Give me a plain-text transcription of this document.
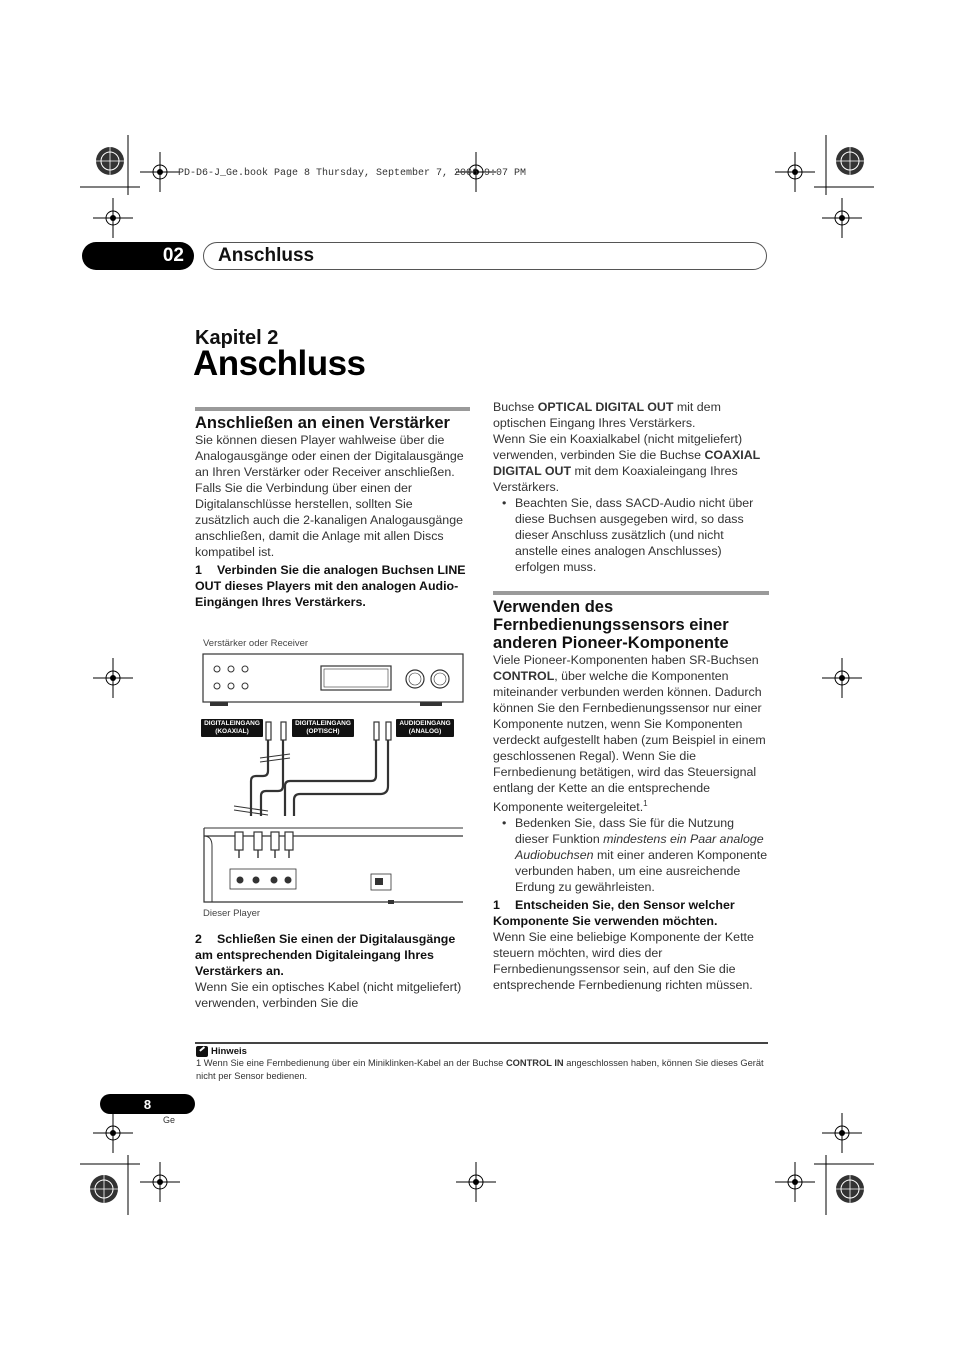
PD-D6-J_Ge.book Page 8 Thursday, September 7, 2006 9:07 PM
02	Anschluss
Kapitel 2
Anschluss
Anschließen an einen Verstärker

Sie können diesen Player wahlweise über die Analogausgänge oder einen der Digitalausgänge an Ihren Verstärker oder Receiver anschließen.

Falls Sie die Verbindung über einen der Digitalanschlüsse herstellen, sollten Sie zusätzlich auch die 2-kanaligen Analogausgänge anschließen, damit die Anlage mit allen Discs kompatibel ist.

1 Verbinden Sie die analogen Buchsen LINE OUT dieses Players mit den analogen Audio-Eingängen Ihres Verstärkers.

Verstärker oder Receiver
DIGITALEINGANG
(KOAXIAL)
DIGITALEINGANG
(OPTISCH)
AUDIOEINGANG
(ANALOG)
Dieser Player

2 Schließen Sie einen der Digitalausgänge am entsprechenden Digitaleingang Ihres Verstärkers an.

Wenn Sie ein optisches Kabel (nicht mitgeliefert) verwenden, verbinden Sie die

Buchse OPTICAL DIGITAL OUT mit dem optischen Eingang Ihres Verstärkers.

Wenn Sie ein Koaxialkabel (nicht mitgeliefert) verwenden, verbinden Sie die Buchse COAXIAL DIGITAL OUT mit dem Koaxialeingang Ihres Verstärkers.

• Beachten Sie, dass SACD-Audio nicht über diese Buchsen ausgegeben wird, so dass dieser Anschluss zusätzlich (und nicht anstelle eines analogen Anschlusses) erfolgen muss.

Verwenden des Fernbedienungssensors einer anderen Pioneer-Komponente

Viele Pioneer-Komponenten haben SR-Buchsen CONTROL, über welche die Komponenten miteinander verbunden werden können. Dadurch können Sie den Fernbedienungssensor nur einer Komponente nutzen, wenn Sie Komponenten verdeckt aufgestellt haben (zum Beispiel in einem geschlossenen Regal). Wenn Sie die Fernbedienung betätigen, wird das Steuersignal entlang der Kette an die entsprechende Komponente weitergeleitet.$^1$

• Bedenken Sie, dass Sie für die Nutzung dieser Funktion mindestens ein Paar analoge Audiobuchsen mit einer anderen Komponente verbunden haben, um eine ausreichende Erdung zu gewährleisten.

1 Entscheiden Sie, den Sensor welcher Komponente Sie verwenden möchten.

Wenn Sie eine beliebige Komponente der Kette steuern möchten, wird dies der Fernbedienungssensor sein, auf den Sie die entsprechende Fernbedienung richten müssen.

Hinweis
1 Wenn Sie eine Fernbedienung über ein Miniklinken-Kabel an der Buchse CONTROL IN angeschlossen haben, können Sie dieses Gerät nicht per Sensor bedienen.
8
Ge
